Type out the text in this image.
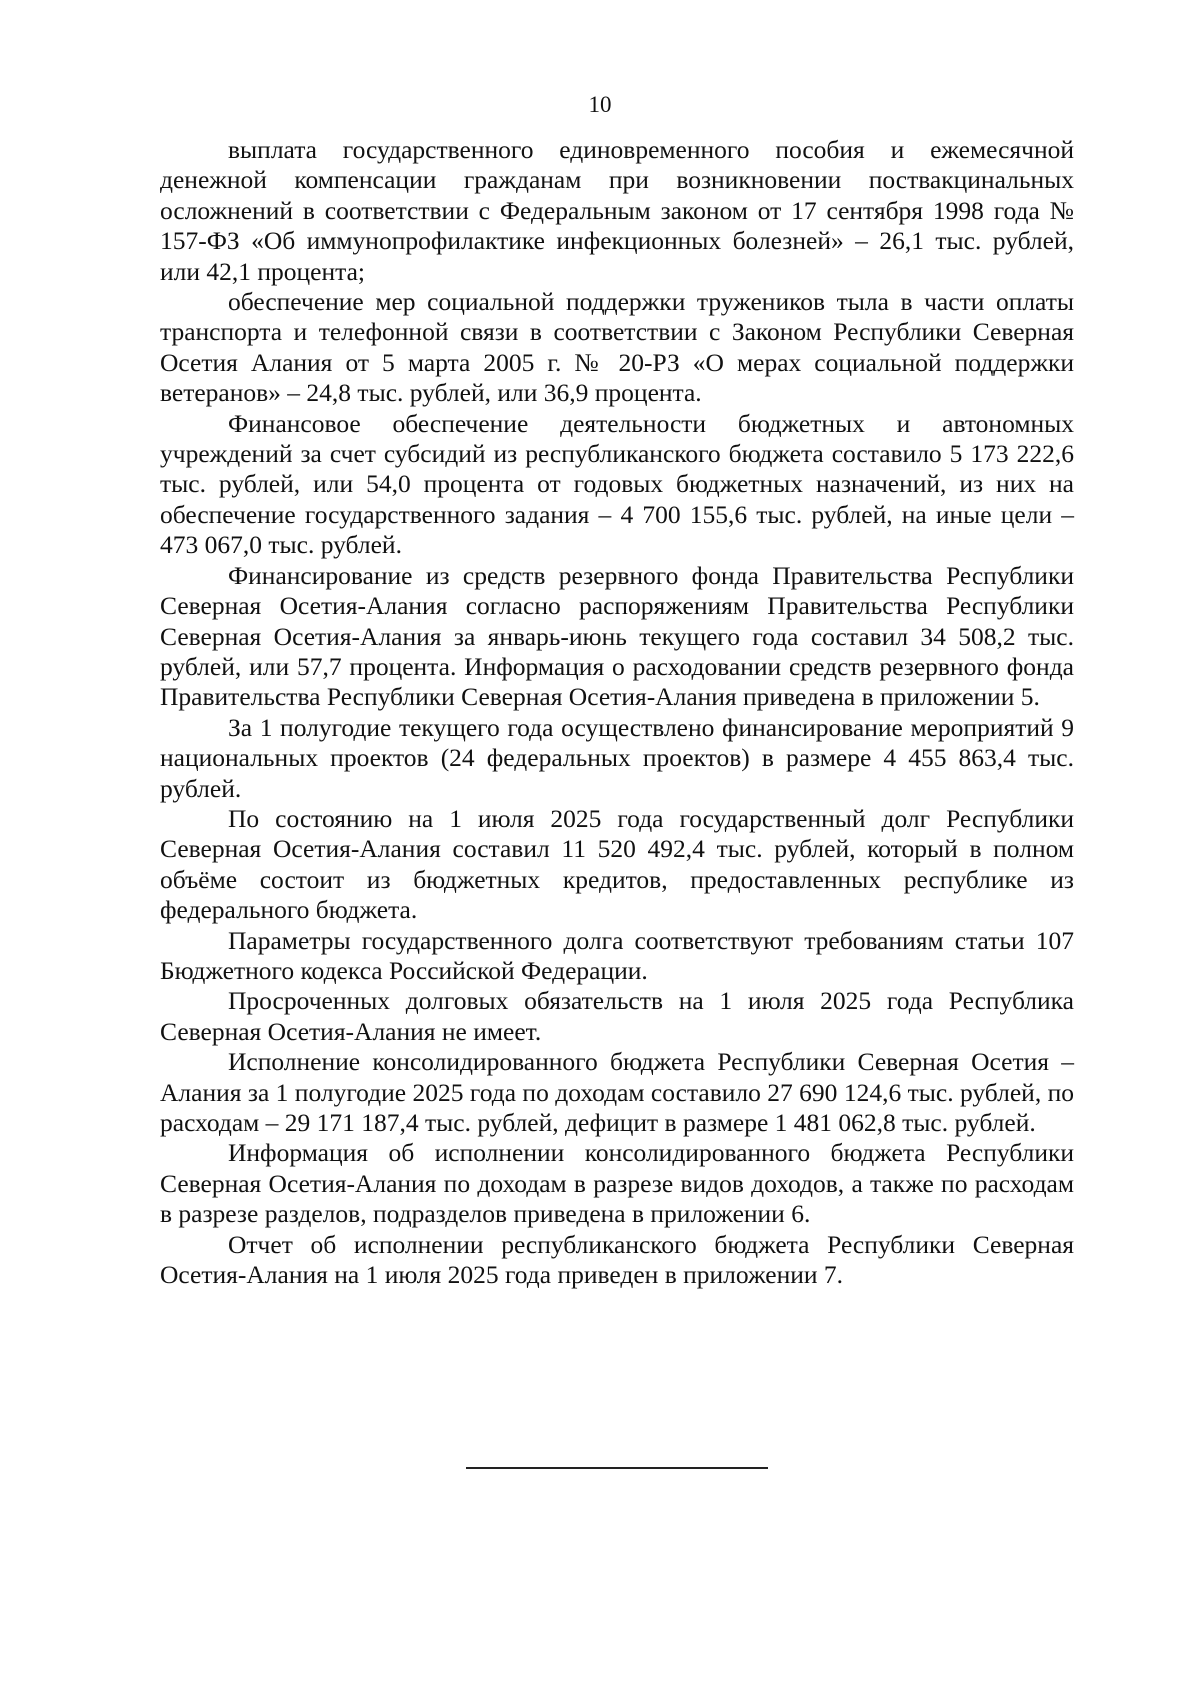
10

выплата государственного единовременного пособия и ежемесячной денежной компенсации гражданам при возникновении поствакцинальных осложнений в соответствии с Федеральным законом от 17 сентября 1998 года № 157-ФЗ «Об иммунопрофилактике инфекционных болезней» – 26,1 тыс. рублей, или 42,1 процента;

обеспечение мер социальной поддержки тружеников тыла в части оплаты транспорта и телефонной связи в соответствии с Законом Республики Северная Осетия Алания от 5 марта 2005 г. № 20-РЗ «О мерах социальной поддержки ветеранов» – 24,8 тыс. рублей, или 36,9 процента.

Финансовое обеспечение деятельности бюджетных и автономных учреждений за счет субсидий из республиканского бюджета составило 5 173 222,6 тыс. рублей, или 54,0 процента от годовых бюджетных назначений, из них на обеспечение государственного задания – 4 700 155,6 тыс. рублей, на иные цели – 473 067,0 тыс. рублей.

Финансирование из средств резервного фонда Правительства Республики Северная Осетия-Алания согласно распоряжениям Правительства Республики Северная Осетия-Алания за январь-июнь текущего года составил 34 508,2 тыс. рублей, или 57,7 процента. Информация о расходовании средств резервного фонда Правительства Республики Северная Осетия-Алания приведена в приложении 5.

За 1 полугодие текущего года осуществлено финансирование мероприятий 9 национальных проектов (24 федеральных проектов) в размере 4 455 863,4 тыс. рублей.

По состоянию на 1 июля 2025 года государственный долг Республики Северная Осетия-Алания составил 11 520 492,4 тыс. рублей, который в полном объёме состоит из бюджетных кредитов, предоставленных республике из федерального бюджета.

Параметры государственного долга соответствуют требованиям статьи 107 Бюджетного кодекса Российской Федерации.

Просроченных долговых обязательств на 1 июля 2025 года Республика Северная Осетия-Алания не имеет.

Исполнение консолидированного бюджета Республики Северная Осетия – Алания за 1 полугодие 2025 года по доходам составило 27 690 124,6 тыс. рублей, по расходам – 29 171 187,4 тыс. рублей, дефицит в размере 1 481 062,8 тыс. рублей.

Информация об исполнении консолидированного бюджета Республики Северная Осетия-Алания по доходам в разрезе видов доходов, а также по расходам в разрезе разделов, подразделов приведена в приложении 6.

Отчет об исполнении республиканского бюджета Республики Северная Осетия-Алания на 1 июля 2025 года приведен в приложении 7.
